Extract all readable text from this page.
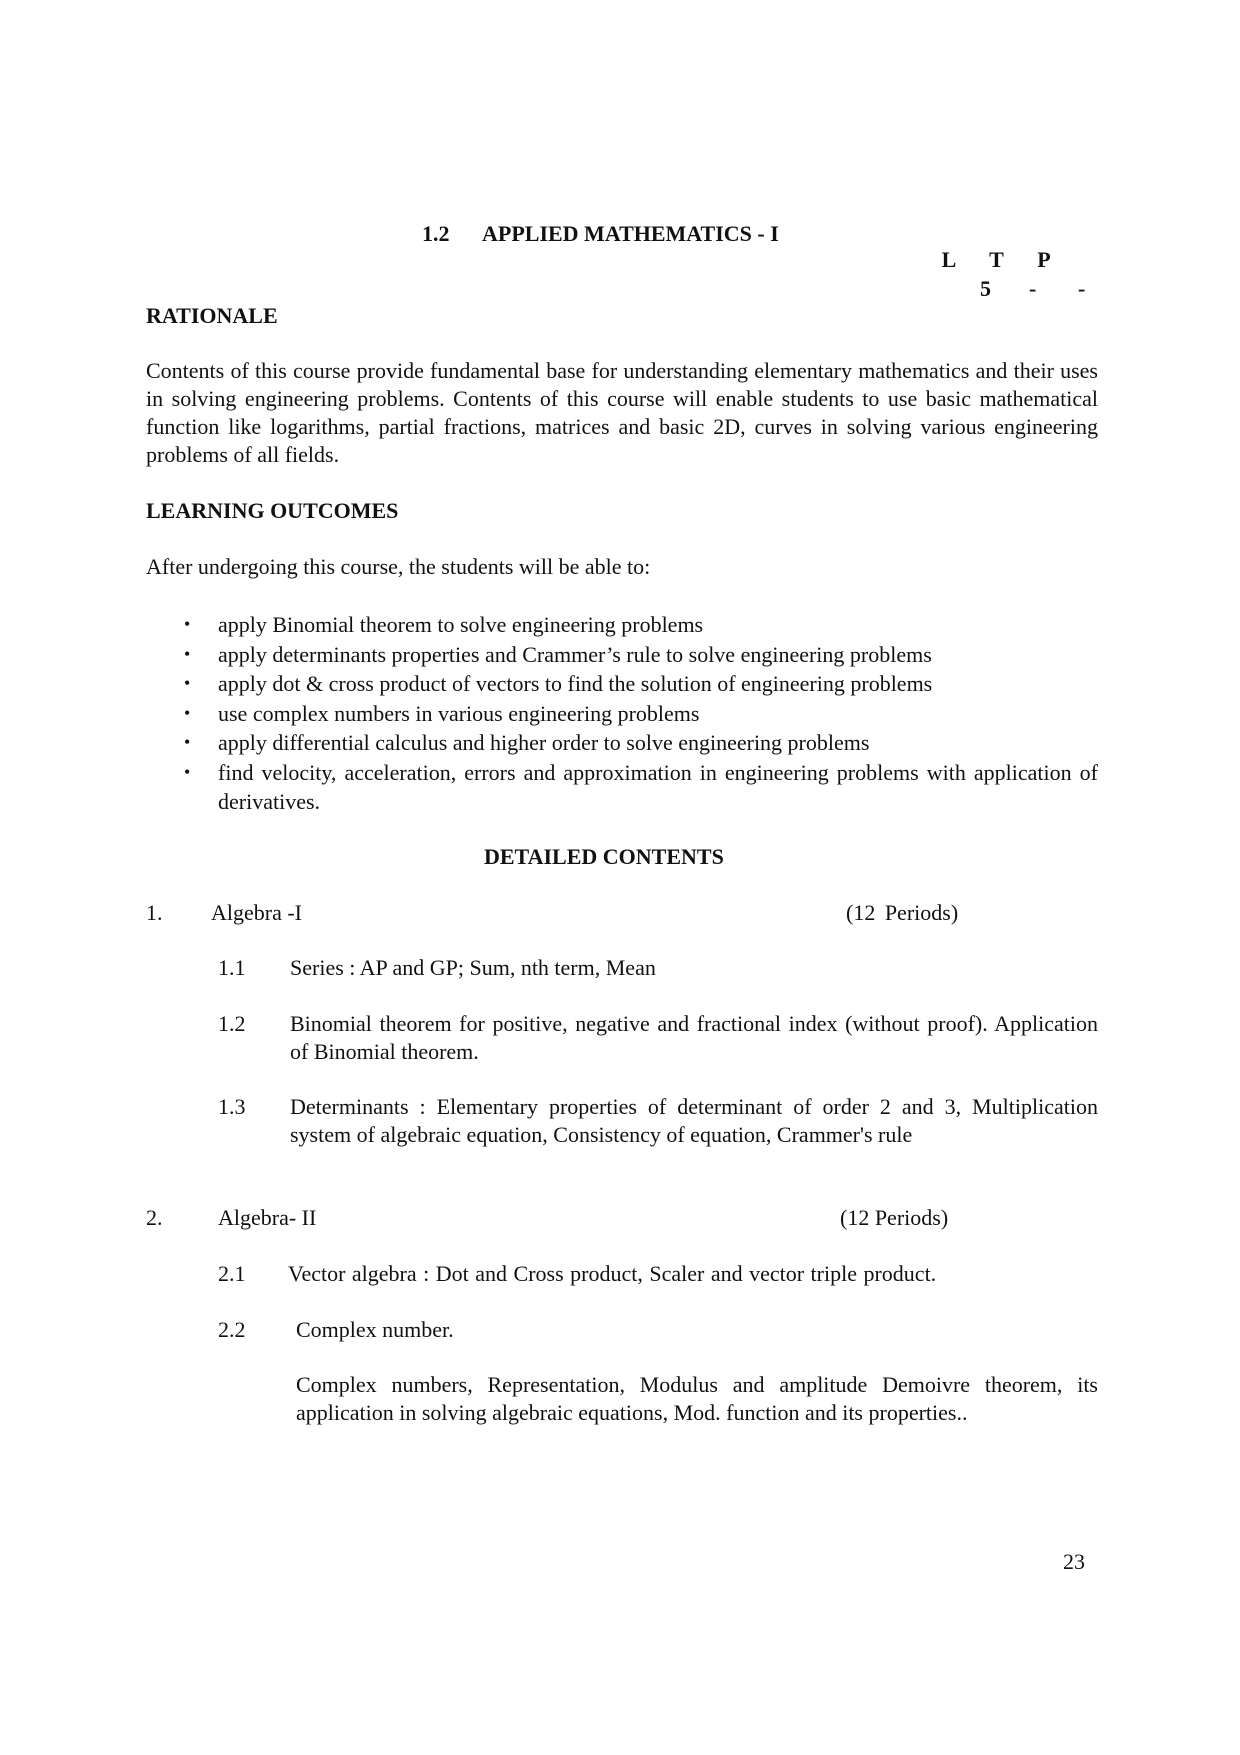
1.2 APPLIED MATHEMATICS - I
L T P
5 - -
RATIONALE
Contents of this course provide fundamental base for understanding elementary mathematics and their uses in solving engineering problems. Contents of this course will enable students to use basic mathematical function like logarithms, partial fractions, matrices and basic 2D, curves in solving various engineering problems of all fields.
LEARNING OUTCOMES
After undergoing this course, the students will be able to:
• apply Binomial theorem to solve engineering problems
• apply determinants properties and Crammer’s rule to solve engineering problems
• apply dot & cross product of vectors to find the solution of engineering problems
• use complex numbers in various engineering problems
• apply differential calculus and higher order to solve engineering problems
• find velocity, acceleration, errors and approximation in engineering problems with application of derivatives.
DETAILED CONTENTS
1. Algebra -I	(12 Periods)
1.1 Series : AP and GP; Sum, nth term, Mean
1.2 Binomial theorem for positive, negative and fractional index (without proof). Application of Binomial theorem.
1.3 Determinants : Elementary properties of determinant of order 2 and 3, Multiplication system of algebraic equation, Consistency of equation, Crammer's rule
2.	Algebra- II	(12 Periods)
2.1 Vector algebra : Dot and Cross product, Scaler and vector triple product.
2.2 Complex number.
Complex numbers, Representation, Modulus and amplitude Demoivre theorem, its application in solving algebraic equations, Mod. function and its properties..
23
